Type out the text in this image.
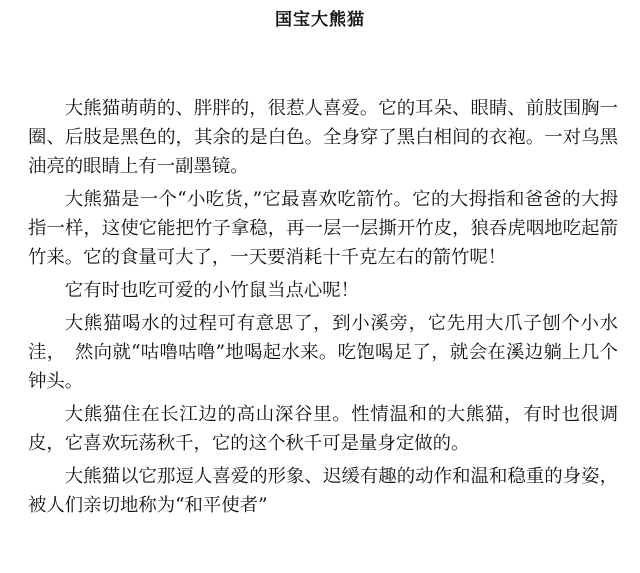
国宝大熊猫

大熊猫萌萌的、胖胖的，很惹人喜爱。它的耳朵、眼睛、前肢围胸一圈、后肢是黑色的，其余的是白色。全身穿了黑白相间的衣袍。一对乌黑油亮的眼睛上有一副墨镜。

大熊猫是一个“小吃货，”它最喜欢吃箭竹。它的大拇指和爸爸的大拇指一样，这使它能把竹子拿稳，再一层一层撕开竹皮，狼吞虎咽地吃起箭竹来。它的食量可大了，一天要消耗十千克左右的箭竹呢！

它有时也吃可爱的小竹鼠当点心呢！

大熊猫喝水的过程可有意思了，到小溪旁，它先用大爪子刨个小水洼，　然向就“咕噜咕噜”地喝起水来。吃饱喝足了，就会在溪边躺上几个钟头。

大熊猫住在长江边的高山深谷里。性情温和的大熊猫，有时也很调皮，它喜欢玩荡秋千，它的这个秋千可是量身定做的。

大熊猫以它那逗人喜爱的形象、迟缓有趣的动作和温和稳重的身姿，被人们亲切地称为“和平使者”
